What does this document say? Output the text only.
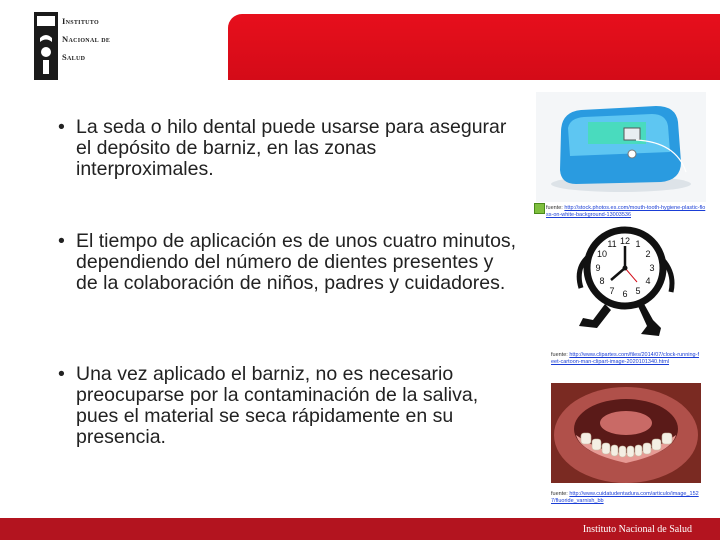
Instituto
Nacional de
Salud
• La seda o hilo dental puede usarse para asegurar el depósito de barniz, en las zonas interproximales.
• El tiempo de aplicación es de unos cuatro minutos, dependiendo del número de dientes presentes y de la colaboración de niños, padres y cuidadores.
• Una vez aplicado el barniz, no es necesario preocuparse por la contaminación de la saliva, pues el material se seca rápidamente en su presencia.
fuente: http://stock.photos.es.com/mouth-tooth-hygiene-plastic-floss-on-white-background-13003536
12 1
2
3
4
5
6
7
8
9
10
11
fuente: http://www.clipartes.com/files/2014/07/clock-running-feet-cartoon-man-clipart-image-2020101340.html
fuente: http://www.cuidatudentadura.com/articulo/image_1527/fluoride_varnish_bb
Instituto Nacional de Salud
